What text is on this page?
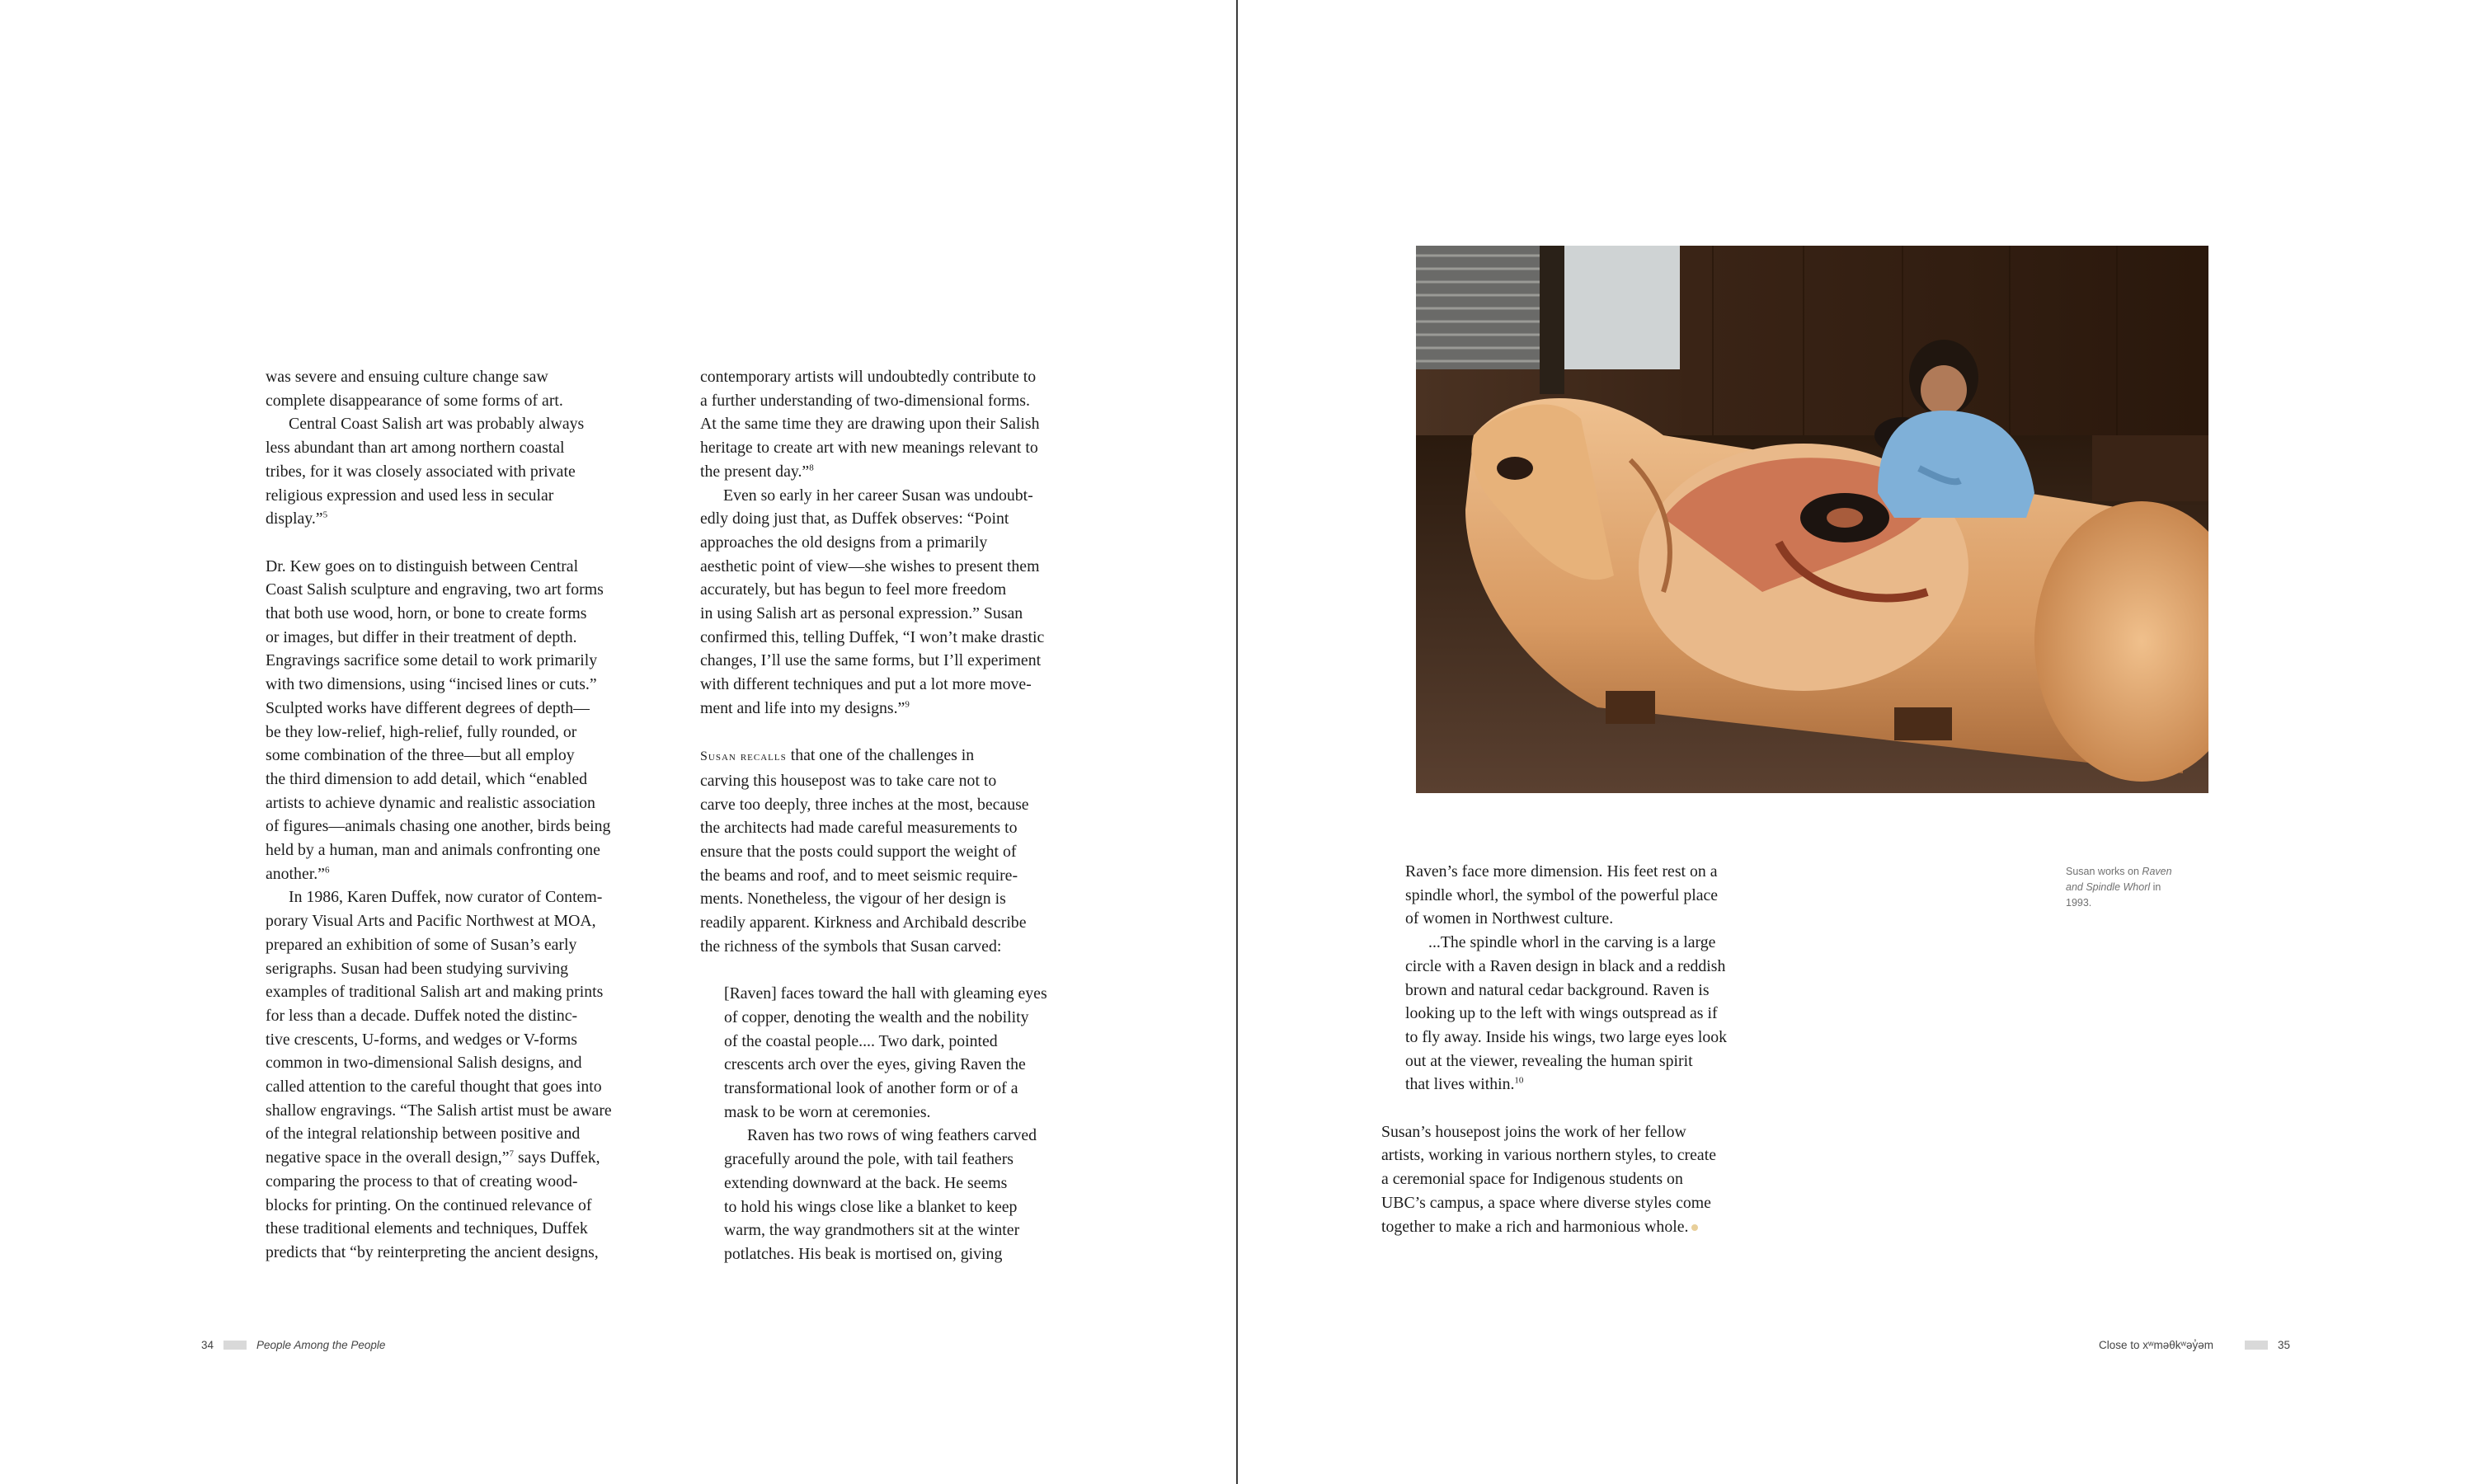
was severe and ensuing culture change saw

complete disappearance of some forms of art.

Central Coast Salish art was probably always

less abundant than art among northern coastal

tribes, for it was closely associated with private

religious expression and used less in secular

display.”$^5$

Dr. Kew goes on to distinguish between Central

Coast Salish sculpture and engraving, two art forms

that both use wood, horn, or bone to create forms

or images, but differ in their treatment of depth.

Engravings sacrifice some detail to work primarily

with two dimensions, using “incised lines or cuts.”

Sculpted works have different degrees of depth—

be they low-relief, high-relief, fully rounded, or

some combination of the three—but all employ

the third dimension to add detail, which “enabled

artists to achieve dynamic and realistic association

of figures—animals chasing one another, birds being

held by a human, man and animals confronting one

another.”$^6$

In 1986, Karen Duffek, now curator of Contem-

porary Visual Arts and Pacific Northwest at MOA,

prepared an exhibition of some of Susan’s early

serigraphs. Susan had been studying surviving

examples of traditional Salish art and making prints

for less than a decade. Duffek noted the distinc-

tive crescents, U-forms, and wedges or V-forms

common in two-dimensional Salish designs, and

called attention to the careful thought that goes into

shallow engravings. “The Salish artist must be aware

of the integral relationship between positive and

negative space in the overall design,”$^7$ says Duffek,

comparing the process to that of creating wood-

blocks for printing. On the continued relevance of

these traditional elements and techniques, Duffek

predicts that “by reinterpreting the ancient designs,

contemporary artists will undoubtedly contribute to

a further understanding of two-dimensional forms.

At the same time they are drawing upon their Salish

heritage to create art with new meanings relevant to

the present day.”$^8$

Even so early in her career Susan was undoubt-

edly doing just that, as Duffek observes: “Point

approaches the old designs from a primarily

aesthetic point of view—she wishes to present them

accurately, but has begun to feel more freedom

in using Salish art as personal expression.” Susan

confirmed this, telling Duffek, “I won’t make drastic

changes, I’ll use the same forms, but I’ll experiment

with different techniques and put a lot more move-

ment and life into my designs.”$^9$

Susan recalls that one of the challenges in

carving this housepost was to take care not to

carve too deeply, three inches at the most, because

the architects had made careful measurements to

ensure that the posts could support the weight of

the beams and roof, and to meet seismic require-

ments. Nonetheless, the vigour of her design is

readily apparent. Kirkness and Archibald describe

the richness of the symbols that Susan carved:

[Raven] faces toward the hall with gleaming eyes

of copper, denoting the wealth and the nobility

of the coastal people.... Two dark, pointed

crescents arch over the eyes, giving Raven the

transformational look of another form or of a

mask to be worn at ceremonies.

Raven has two rows of wing feathers carved

gracefully around the pole, with tail feathers

extending downward at the back. He seems

to hold his wings close like a blanket to keep

warm, the way grandmothers sit at the winter

potlatches. His beak is mortised on, giving

34	People Among the People
Susan works on Raven and Spindle Whorl in 1993.

Raven’s face more dimension. His feet rest on a

spindle whorl, the symbol of the powerful place

of women in Northwest culture.

...The spindle whorl in the carving is a large

circle with a Raven design in black and a reddish

brown and natural cedar background. Raven is

looking up to the left with wings outspread as if

to fly away. Inside his wings, two large eyes look

out at the viewer, revealing the human spirit

that lives within.$^{10}$

Susan’s housepost joins the work of her fellow

artists, working in various northern styles, to create

a ceremonial space for Indigenous students on

UBC’s campus, a space where diverse styles come

together to make a rich and harmonious whole.

Close to xʷməθkʷəy̓əm	35
